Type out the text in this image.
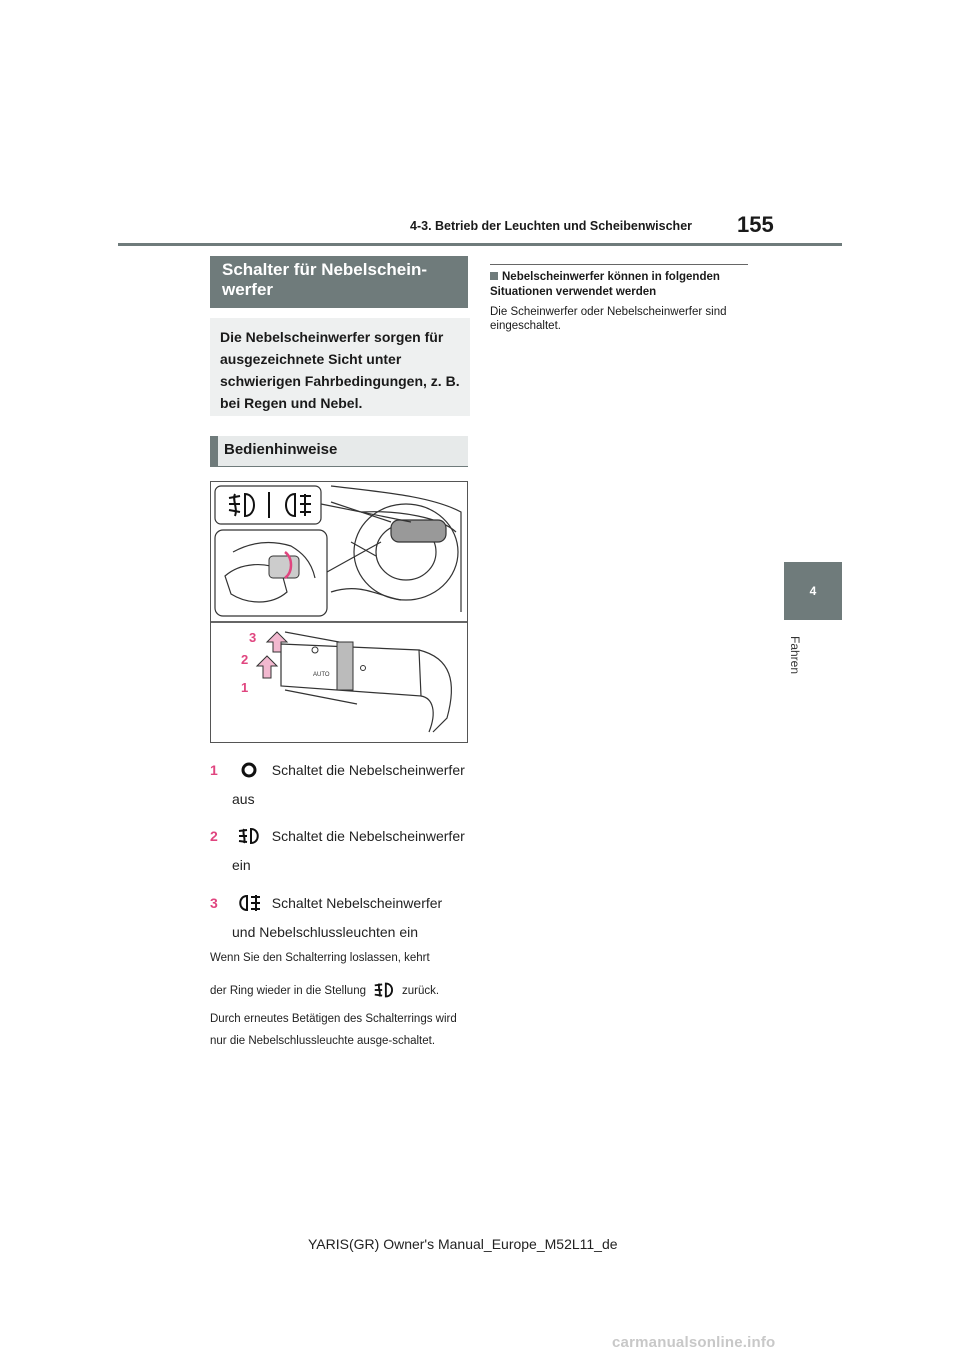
4-3. Betrieb der Leuchten und Scheibenwischer 155
4
Fahren
Schalter für Nebelschein-werfer
Die Nebelscheinwerfer sorgen für ausgezeichnete Sicht unter schwierigen Fahrbedingungen, z. B. bei Regen und Nebel.
Bedienhinweise
AUTO
3
2
1
1	Schaltet die Nebelscheinwerfer
aus
2	Schaltet die Nebelscheinwerfer
ein
3	Schaltet Nebelscheinwerfer
und Nebelschlussleuchten ein
Wenn Sie den Schalterring loslassen, kehrt
der Ring wieder in die Stellung	zurück.
Durch erneutes Betätigen des Schalterrings wird nur die Nebelschlussleuchte ausge-schaltet.
Nebelscheinwerfer können in folgenden Situationen verwendet werden
Die Scheinwerfer oder Nebelscheinwerfer sind eingeschaltet.
YARIS(GR) Owner's Manual_Europe_M52L11_de
carmanualsonline.info
